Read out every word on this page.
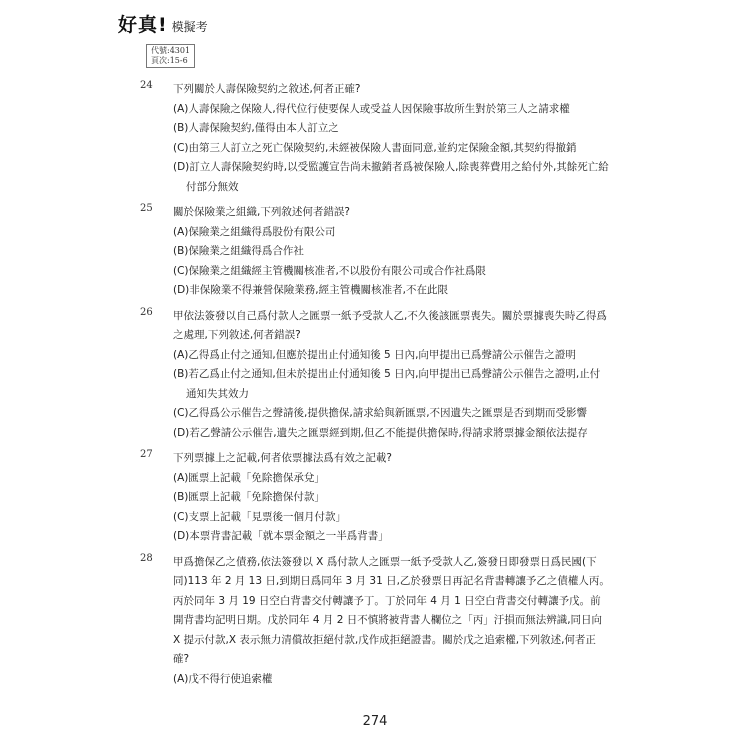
好真! 模擬考
代號:4301
頁次:15-6
24 下列關於人壽保險契約之敘述,何者正確?
(A)人壽保險之保險人,得代位行使要保人或受益人因保險事故所生對於第三人之請求權
(B)人壽保險契約,僅得由本人訂立之
(C)由第三人訂立之死亡保險契約,未經被保險人書面同意,並約定保險金額,其契約得撤銷
(D)訂立人壽保險契約時,以受監護宣告尚未撤銷者爲被保險人,除喪葬費用之給付外,其餘死亡給付部分無效
25 關於保險業之組織,下列敘述何者錯誤?
(A)保險業之組織得爲股份有限公司
(B)保險業之組織得爲合作社
(C)保險業之組織經主管機關核准者,不以股份有限公司或合作社爲限
(D)非保險業不得兼營保險業務,經主管機關核准者,不在此限
26 甲依法簽發以自己爲付款人之匯票一紙予受款人乙,不久後該匯票喪失。關於票據喪失時乙得爲之處理,下列敘述,何者錯誤?
(A)乙得爲止付之通知,但應於提出止付通知後 5 日內,向甲提出已爲聲請公示催告之證明
(B)若乙爲止付之通知,但未於提出止付通知後 5 日內,向甲提出已爲聲請公示催告之證明,止付通知失其效力
(C)乙得爲公示催告之聲請後,提供擔保,請求給與新匯票,不因遺失之匯票是否到期而受影響
(D)若乙聲請公示催告,遺失之匯票經到期,但乙不能提供擔保時,得請求將票據金額依法提存
27 下列票據上之記載,何者依票據法爲有效之記載?
(A)匯票上記載「免除擔保承兌」
(B)匯票上記載「免除擔保付款」
(C)支票上記載「見票後一個月付款」
(D)本票背書記載「就本票金額之一半爲背書」
28 甲爲擔保乙之債務,依法簽發以 X 爲付款人之匯票一紙予受款人乙,簽發日即發票日爲民國(下同)113 年 2 月 13 日,到期日爲同年 3 月 31 日,乙於發票日再記名背書轉讓予乙之債權人丙。丙於同年 3 月 19 日空白背書交付轉讓予丁。丁於同年 4 月 1 日空白背書交付轉讓予戊。前開背書均記明日期。戊於同年 4 月 2 日不慎將被背書人欄位之「丙」汙損而無法辨識,同日向 X 提示付款,X 表示無力清償故拒絕付款,戊作成拒絕證書。關於戊之追索權,下列敘述,何者正確?
(A)戊不得行使追索權
274
